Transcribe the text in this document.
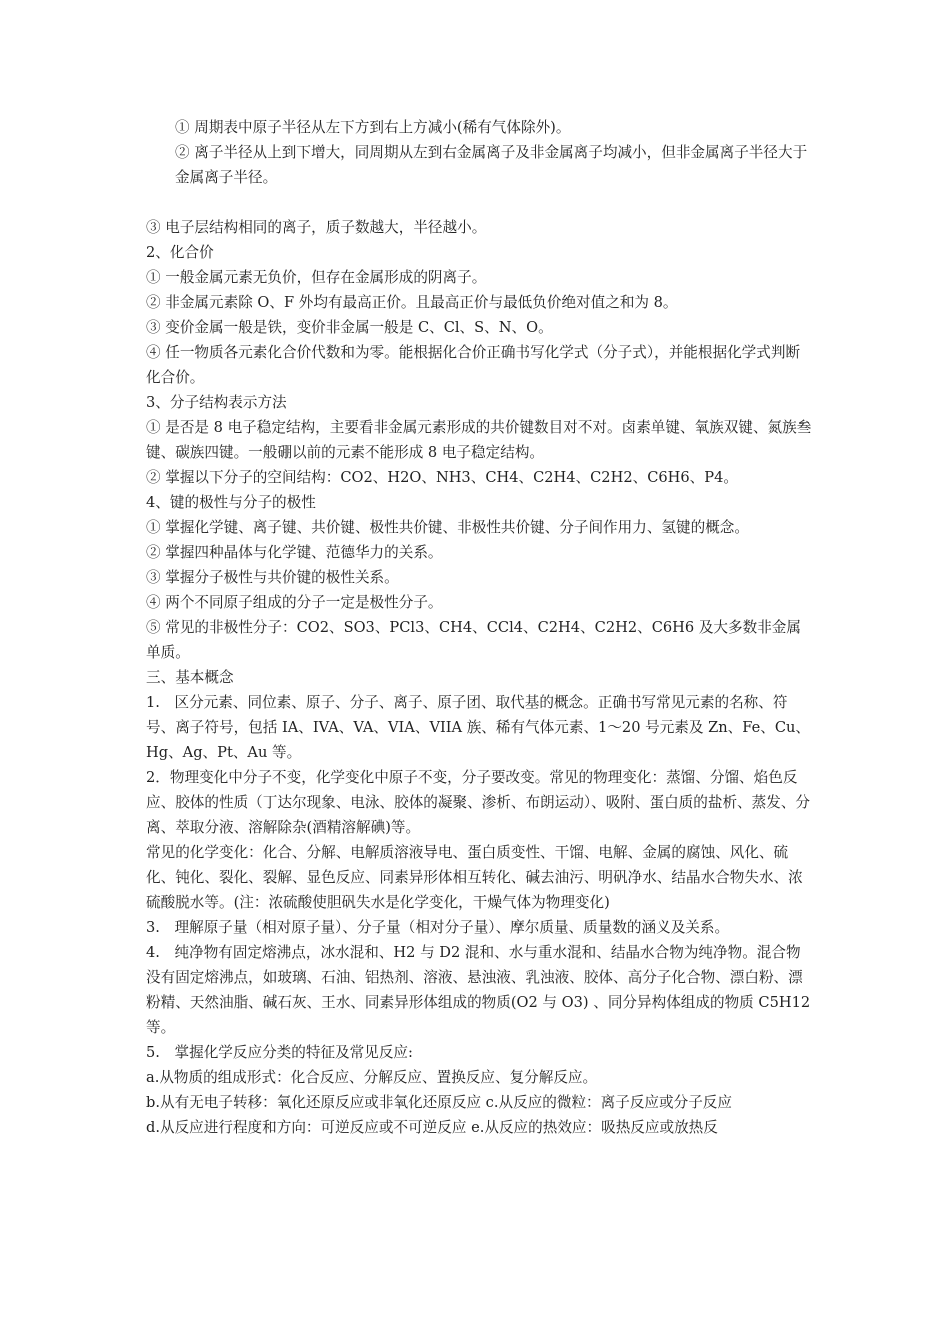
① 周期表中原子半径从左下方到右上方减小(稀有气体除外)。

② 离子半径从上到下增大，同周期从左到右金属离子及非金属离子均减小，但非金属离子半径大于金属离子半径。

③ 电子层结构相同的离子，质子数越大，半径越小。

2、化合价

① 一般金属元素无负价，但存在金属形成的阴离子。

② 非金属元素除 O、F 外均有最高正价。且最高正价与最低负价绝对值之和为 8。

③ 变价金属一般是铁，变价非金属一般是 C、Cl、S、N、O。

④ 任一物质各元素化合价代数和为零。能根据化合价正确书写化学式（分子式），并能根据化学式判断化合价。

3、分子结构表示方法

① 是否是 8 电子稳定结构，主要看非金属元素形成的共价键数目对不对。卤素单键、氧族双键、氮族叁键、碳族四键。一般硼以前的元素不能形成 8 电子稳定结构。

② 掌握以下分子的空间结构：CO2、H2O、NH3、CH4、C2H4、C2H2、C6H6、P4。

4、键的极性与分子的极性

① 掌握化学键、离子键、共价键、极性共价键、非极性共价键、分子间作用力、氢键的概念。

② 掌握四种晶体与化学键、范德华力的关系。

③ 掌握分子极性与共价键的极性关系。

④ 两个不同原子组成的分子一定是极性分子。

⑤ 常见的非极性分子：CO2、SO3、PCl3、CH4、CCl4、C2H4、C2H2、C6H6 及大多数非金属单质。

三、基本概念

1.　区分元素、同位素、原子、分子、离子、原子团、取代基的概念。正确书写常见元素的名称、符号、离子符号，包括 IA、IVA、VA、VIA、VIIA 族、稀有气体元素、1～20 号元素及 Zn、Fe、Cu、Hg、Ag、Pt、Au 等。

2．物理变化中分子不变，化学变化中原子不变，分子要改变。常见的物理变化：蒸馏、分馏、焰色反应、胶体的性质（丁达尔现象、电泳、胶体的凝聚、渗析、布朗运动）、吸附、蛋白质的盐析、蒸发、分离、萃取分液、溶解除杂(酒精溶解碘)等。

常见的化学变化：化合、分解、电解质溶液导电、蛋白质变性、干馏、电解、金属的腐蚀、风化、硫化、钝化、裂化、裂解、显色反应、同素异形体相互转化、碱去油污、明矾净水、结晶水合物失水、浓硫酸脱水等。(注：浓硫酸使胆矾失水是化学变化，干燥气体为物理变化)

3.　理解原子量（相对原子量）、分子量（相对分子量）、摩尔质量、质量数的涵义及关系。

4.　纯净物有固定熔沸点，冰水混和、H2 与 D2 混和、水与重水混和、结晶水合物为纯净物。混合物没有固定熔沸点，如玻璃、石油、铝热剂、溶液、悬浊液、乳浊液、胶体、高分子化合物、漂白粉、漂粉精、天然油脂、碱石灰、王水、同素异形体组成的物质(O2 与 O3) 、同分异构体组成的物质 C5H12 等。

5.　掌握化学反应分类的特征及常见反应:

a.从物质的组成形式：化合反应、分解反应、置换反应、复分解反应。

b.从有无电子转移：氧化还原反应或非氧化还原反应 c.从反应的微粒：离子反应或分子反应

d.从反应进行程度和方向：可逆反应或不可逆反应 e.从反应的热效应：吸热反应或放热反
